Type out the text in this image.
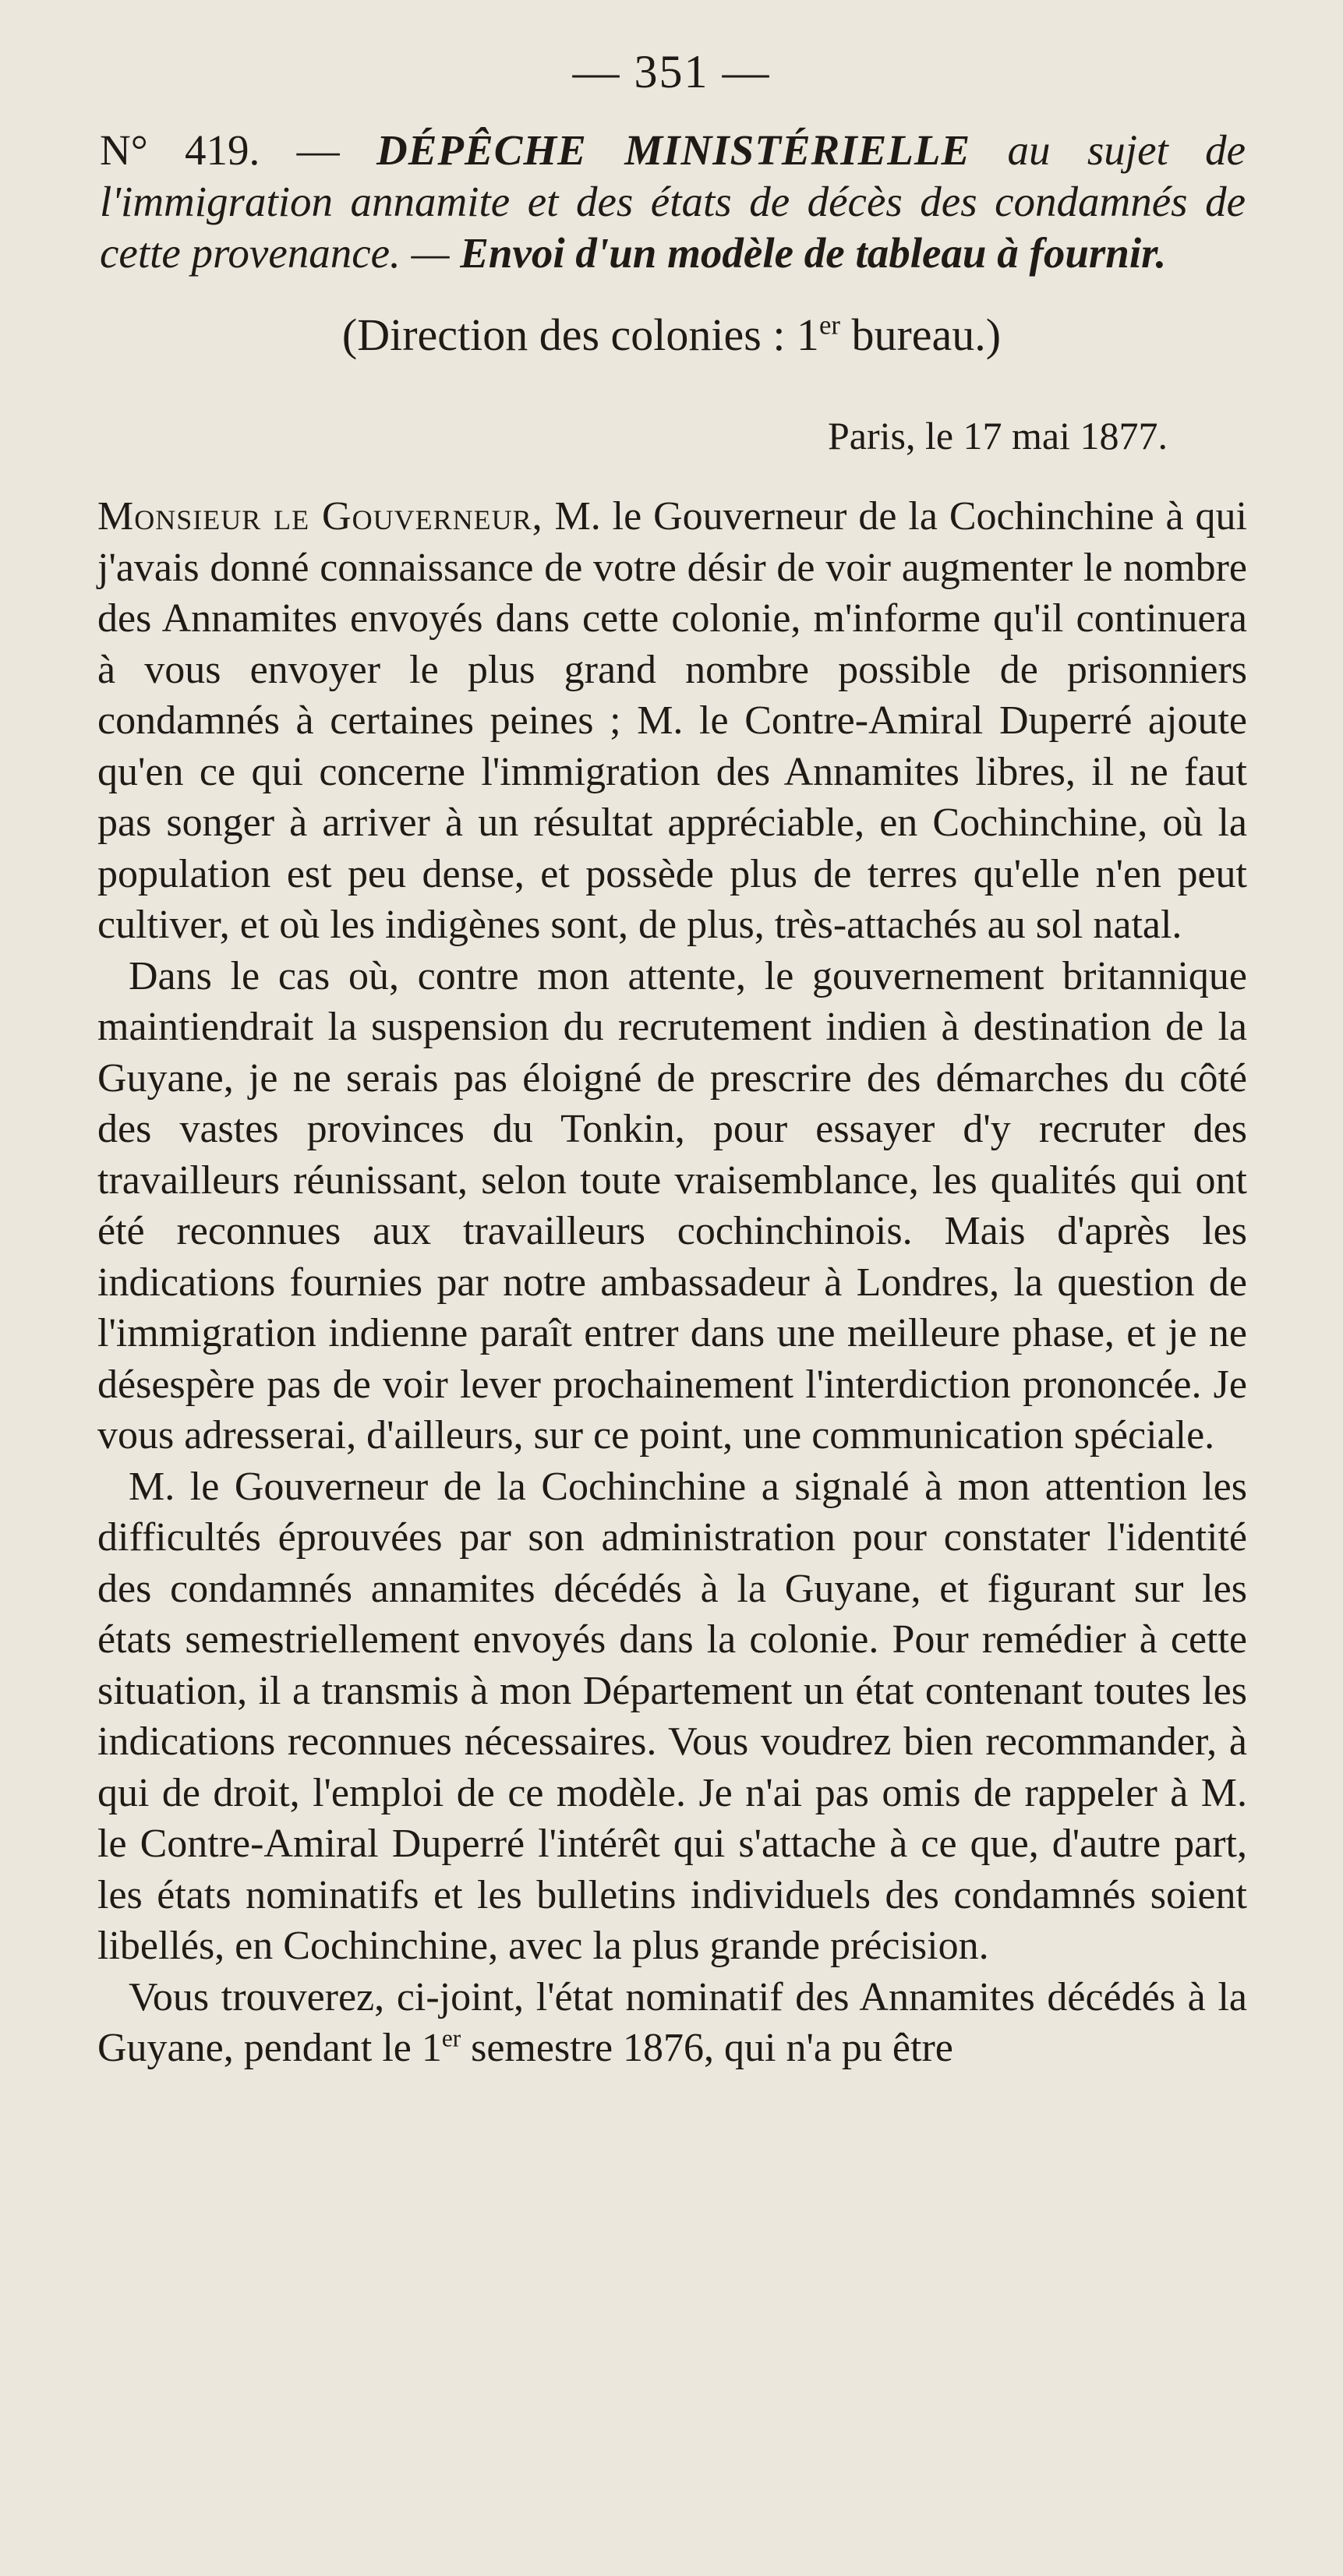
— 351 —
N° 419. — DÉPÊCHE MINISTÉRIELLE au sujet de l'immigration annamite et des états de décès des condamnés de cette provenance. — Envoi d'un modèle de tableau à fournir.
(Direction des colonies : 1er bureau.)
Paris, le 17 mai 1877.

Monsieur le Gouverneur, M. le Gouverneur de la Cochinchine à qui j'avais donné connaissance de votre désir de voir augmenter le nombre des Annamites envoyés dans cette colonie, m'informe qu'il continuera à vous envoyer le plus grand nombre possible de prisonniers condamnés à certaines peines ; M. le Contre-Amiral Duperré ajoute qu'en ce qui concerne l'immigration des Annamites libres, il ne faut pas songer à arriver à un résultat appréciable, en Cochinchine, où la population est peu dense, et possède plus de terres qu'elle n'en peut cultiver, et où les indigènes sont, de plus, très-attachés au sol natal.

Dans le cas où, contre mon attente, le gouvernement britannique maintiendrait la suspension du recrutement indien à destination de la Guyane, je ne serais pas éloigné de prescrire des démarches du côté des vastes provinces du Tonkin, pour essayer d'y recruter des travailleurs réunissant, selon toute vraisemblance, les qualités qui ont été reconnues aux travailleurs cochinchinois. Mais d'après les indications fournies par notre ambassadeur à Londres, la question de l'immigration indienne paraît entrer dans une meilleure phase, et je ne désespère pas de voir lever prochainement l'interdiction prononcée. Je vous adresserai, d'ailleurs, sur ce point, une communication spéciale.

M. le Gouverneur de la Cochinchine a signalé à mon attention les difficultés éprouvées par son administration pour constater l'identité des condamnés annamites décédés à la Guyane, et figurant sur les états semestriellement envoyés dans la colonie. Pour remédier à cette situation, il a transmis à mon Département un état contenant toutes les indications reconnues nécessaires. Vous voudrez bien recommander, à qui de droit, l'emploi de ce modèle. Je n'ai pas omis de rappeler à M. le Contre-Amiral Duperré l'intérêt qui s'attache à ce que, d'autre part, les états nominatifs et les bulletins individuels des condamnés soient libellés, en Cochinchine, avec la plus grande précision.

Vous trouverez, ci-joint, l'état nominatif des Annamites décédés à la Guyane, pendant le 1er semestre 1876, qui n'a pu être
